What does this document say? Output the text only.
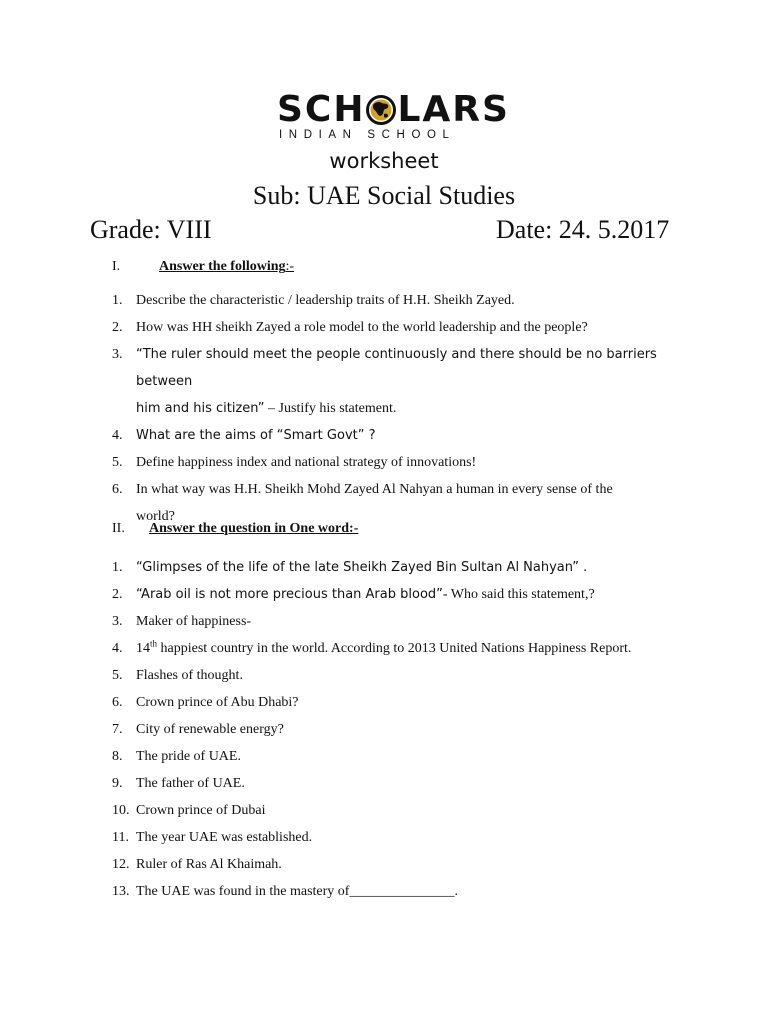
SCH LARS
INDIAN SCHOOL
worksheet
Sub: UAE Social Studies
Grade: VIII	Date: 24. 5.2017
I.	Answer the following:-
1. Describe the characteristic / leadership traits of H.H. Sheikh Zayed.
2. How was HH sheikh Zayed a role model to the world leadership and the people?
3. “The ruler should meet the people continuously and there should be no barriers between
him and his citizen” – Justify his statement.
4. What are the aims of “Smart Govt” ?
5. Define happiness index and national strategy of innovations!
6. In what way was H.H. Sheikh Mohd Zayed Al Nahyan a human in every sense of the
world?
II. Answer the question in One word:-
1. “Glimpses of the life of the late Sheikh Zayed Bin Sultan Al Nahyan” .
2. “Arab oil is not more precious than Arab blood”- Who said this statement,?
3. Maker of happiness-
4. 14th happiest country in the world. According to 2013 United Nations Happiness Report.
5. Flashes of thought.
6. Crown prince of Abu Dhabi?
7. City of renewable energy?
8. The pride of UAE.
9. The father of UAE.
10. Crown prince of Dubai
11. The year UAE was established.
12. Ruler of Ras Al Khaimah.
13. The UAE was found in the mastery of_______________.
